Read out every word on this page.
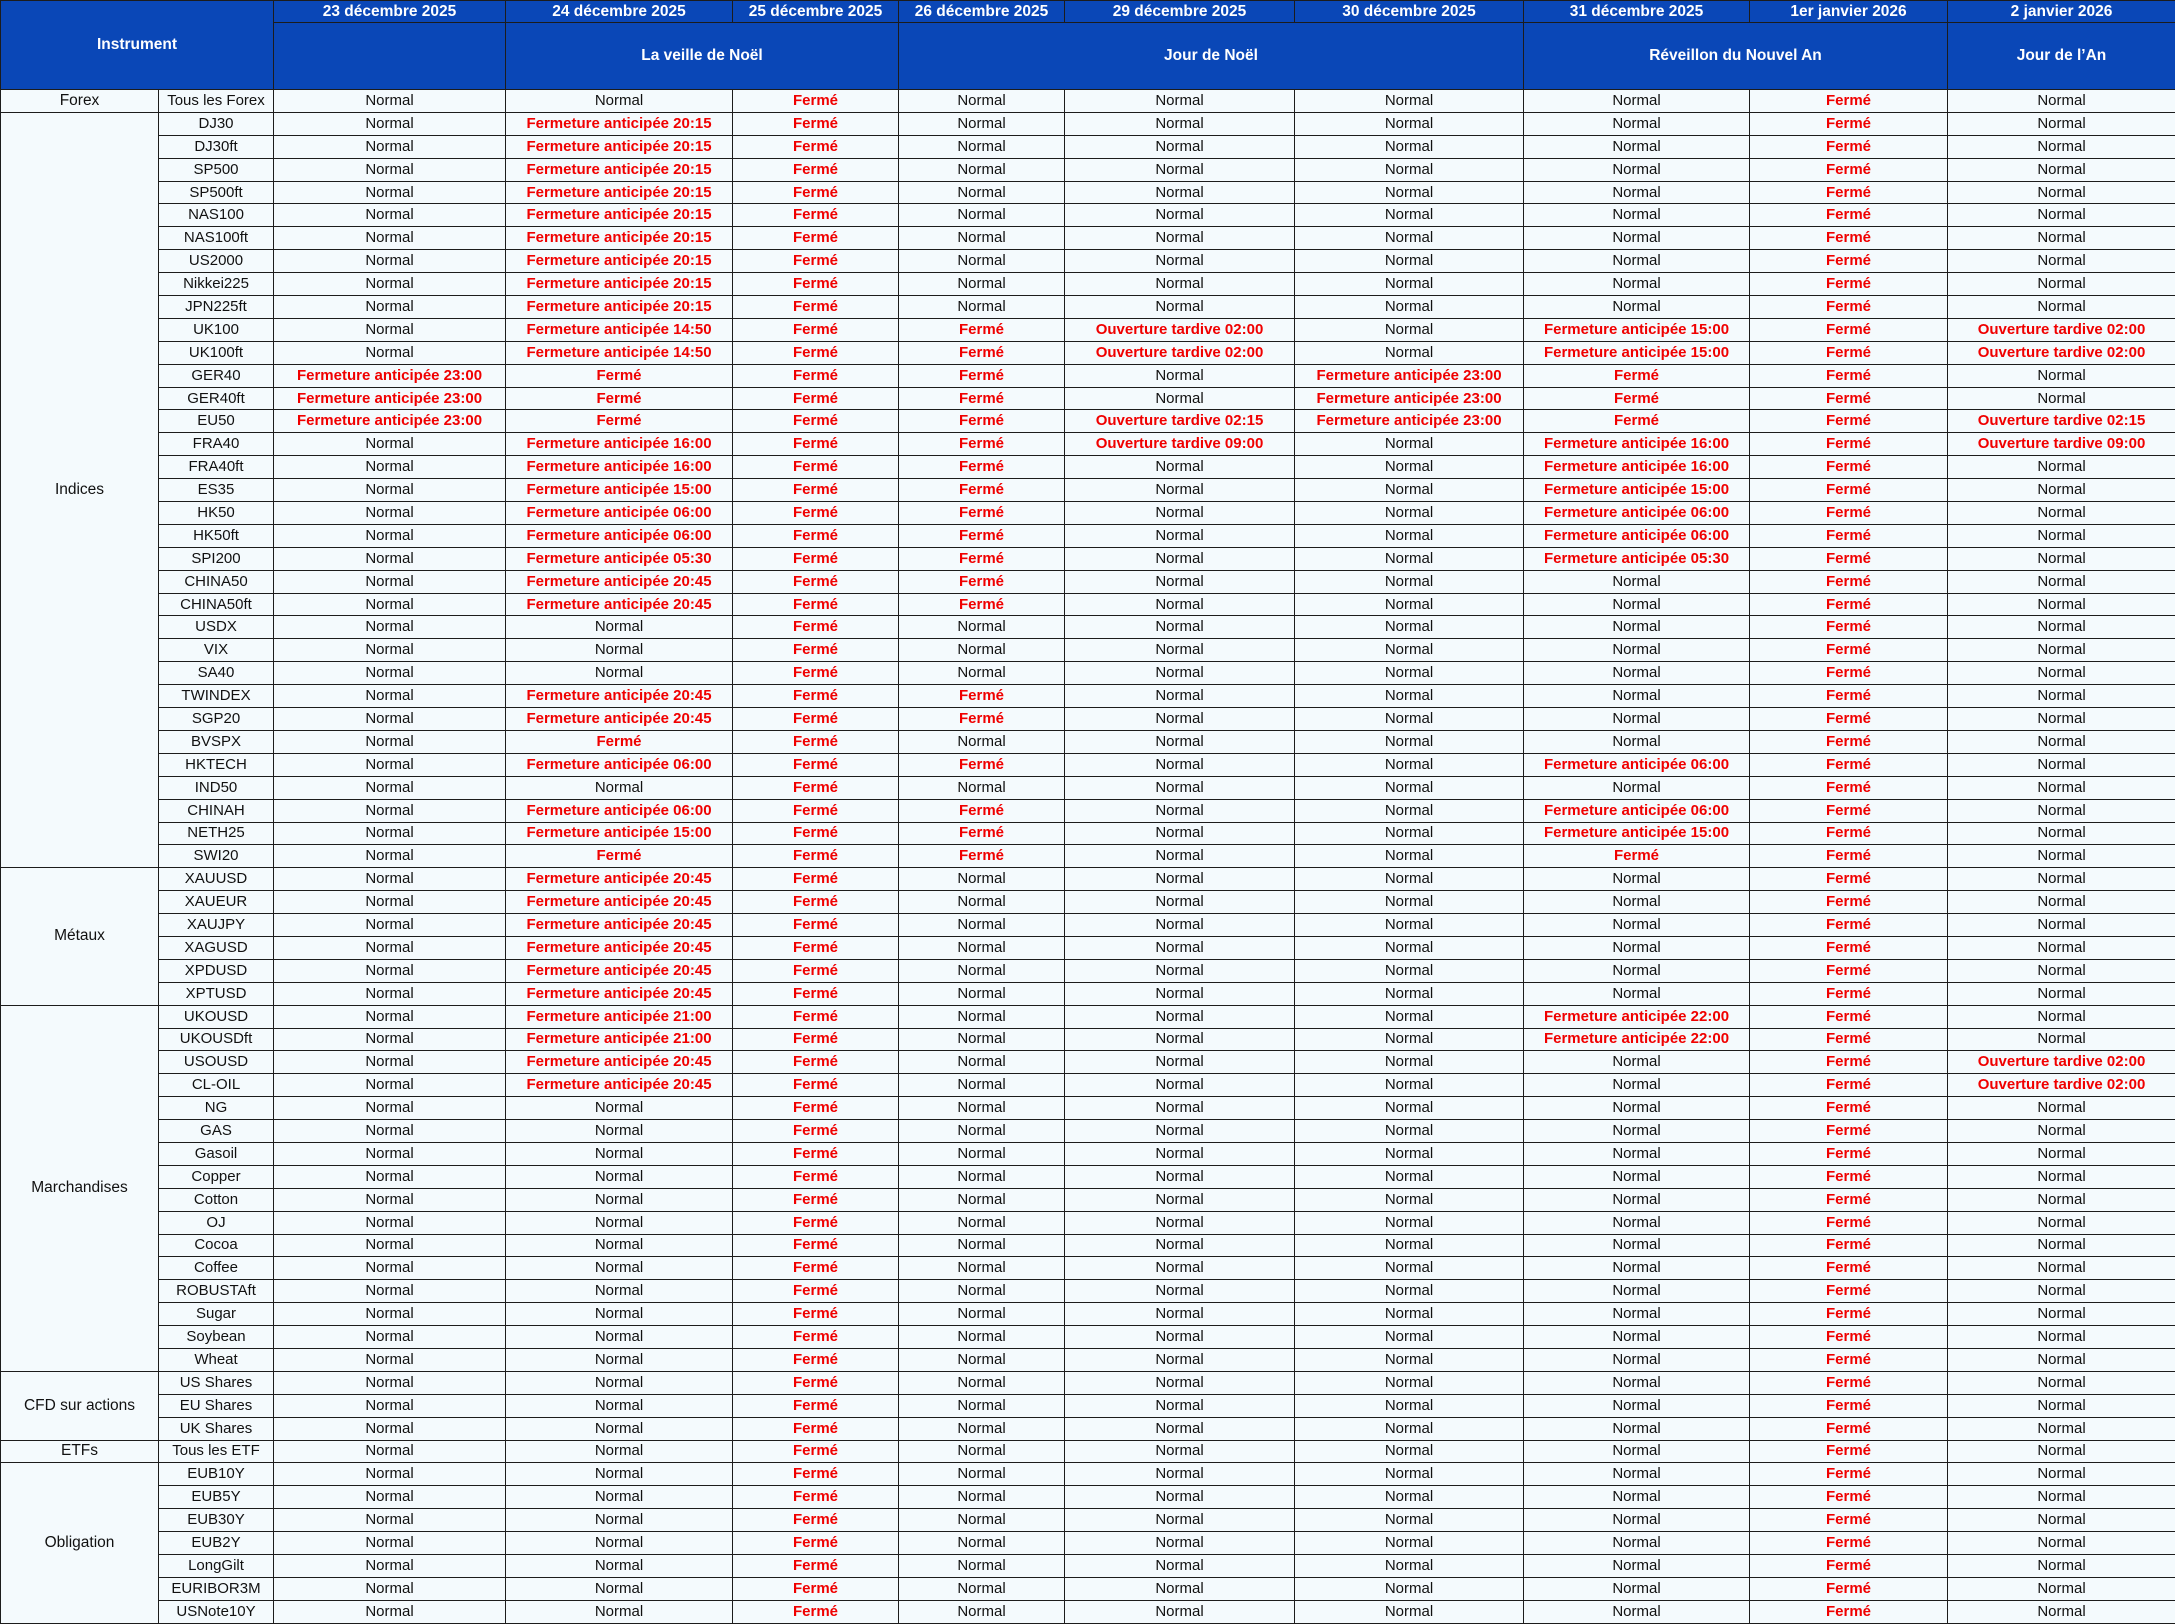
Instrument		23 décembre 2025	24 décembre 2025	25 décembre 2025	26 décembre 2025	29 décembre 2025	30 décembre 2025	31 décembre 2025	1er janvier 2026	2 janvier 2026
			La veille de Noël		Jour de Noël			Réveillon du Nouvel An		Jour de l’An
Forex	Tous les Forex	Normal	Normal	Fermé	Normal	Normal	Normal	Normal	Fermé	Normal
Indices	DJ30	Normal	Fermeture anticipée 20:15	Fermé	Normal	Normal	Normal	Normal	Fermé	Normal
	DJ30ft	Normal	Fermeture anticipée 20:15	Fermé	Normal	Normal	Normal	Normal	Fermé	Normal
	SP500	Normal	Fermeture anticipée 20:15	Fermé	Normal	Normal	Normal	Normal	Fermé	Normal
	SP500ft	Normal	Fermeture anticipée 20:15	Fermé	Normal	Normal	Normal	Normal	Fermé	Normal
	NAS100	Normal	Fermeture anticipée 20:15	Fermé	Normal	Normal	Normal	Normal	Fermé	Normal
	NAS100ft	Normal	Fermeture anticipée 20:15	Fermé	Normal	Normal	Normal	Normal	Fermé	Normal
	US2000	Normal	Fermeture anticipée 20:15	Fermé	Normal	Normal	Normal	Normal	Fermé	Normal
	Nikkei225	Normal	Fermeture anticipée 20:15	Fermé	Normal	Normal	Normal	Normal	Fermé	Normal
	JPN225ft	Normal	Fermeture anticipée 20:15	Fermé	Normal	Normal	Normal	Normal	Fermé	Normal
	UK100	Normal	Fermeture anticipée 14:50	Fermé	Fermé	Ouverture tardive 02:00	Normal	Fermeture anticipée 15:00	Fermé	Ouverture tardive 02:00
	UK100ft	Normal	Fermeture anticipée 14:50	Fermé	Fermé	Ouverture tardive 02:00	Normal	Fermeture anticipée 15:00	Fermé	Ouverture tardive 02:00
	GER40	Fermeture anticipée 23:00	Fermé	Fermé	Fermé	Normal	Fermeture anticipée 23:00	Fermé	Fermé	Normal
	GER40ft	Fermeture anticipée 23:00	Fermé	Fermé	Fermé	Normal	Fermeture anticipée 23:00	Fermé	Fermé	Normal
	EU50	Fermeture anticipée 23:00	Fermé	Fermé	Fermé	Ouverture tardive 02:15	Fermeture anticipée 23:00	Fermé	Fermé	Ouverture tardive 02:15
	FRA40	Normal	Fermeture anticipée 16:00	Fermé	Fermé	Ouverture tardive 09:00	Normal	Fermeture anticipée 16:00	Fermé	Ouverture tardive 09:00
	FRA40ft	Normal	Fermeture anticipée 16:00	Fermé	Fermé	Normal	Normal	Fermeture anticipée 16:00	Fermé	Normal
	ES35	Normal	Fermeture anticipée 15:00	Fermé	Fermé	Normal	Normal	Fermeture anticipée 15:00	Fermé	Normal
	HK50	Normal	Fermeture anticipée 06:00	Fermé	Fermé	Normal	Normal	Fermeture anticipée 06:00	Fermé	Normal
	HK50ft	Normal	Fermeture anticipée 06:00	Fermé	Fermé	Normal	Normal	Fermeture anticipée 06:00	Fermé	Normal
	SPI200	Normal	Fermeture anticipée 05:30	Fermé	Fermé	Normal	Normal	Fermeture anticipée 05:30	Fermé	Normal
	CHINA50	Normal	Fermeture anticipée 20:45	Fermé	Fermé	Normal	Normal	Normal	Fermé	Normal
	CHINA50ft	Normal	Fermeture anticipée 20:45	Fermé	Fermé	Normal	Normal	Normal	Fermé	Normal
	USDX	Normal	Normal	Fermé	Normal	Normal	Normal	Normal	Fermé	Normal
	VIX	Normal	Normal	Fermé	Normal	Normal	Normal	Normal	Fermé	Normal
	SA40	Normal	Normal	Fermé	Normal	Normal	Normal	Normal	Fermé	Normal
	TWINDEX	Normal	Fermeture anticipée 20:45	Fermé	Fermé	Normal	Normal	Normal	Fermé	Normal
	SGP20	Normal	Fermeture anticipée 20:45	Fermé	Fermé	Normal	Normal	Normal	Fermé	Normal
	BVSPX	Normal	Fermé	Fermé	Normal	Normal	Normal	Normal	Fermé	Normal
	HKTECH	Normal	Fermeture anticipée 06:00	Fermé	Fermé	Normal	Normal	Fermeture anticipée 06:00	Fermé	Normal
	IND50	Normal	Normal	Fermé	Normal	Normal	Normal	Normal	Fermé	Normal
	CHINAH	Normal	Fermeture anticipée 06:00	Fermé	Fermé	Normal	Normal	Fermeture anticipée 06:00	Fermé	Normal
	NETH25	Normal	Fermeture anticipée 15:00	Fermé	Fermé	Normal	Normal	Fermeture anticipée 15:00	Fermé	Normal
	SWI20	Normal	Fermé	Fermé	Fermé	Normal	Normal	Fermé	Fermé	Normal
Métaux	XAUUSD	Normal	Fermeture anticipée 20:45	Fermé	Normal	Normal	Normal	Normal	Fermé	Normal
	XAUEUR	Normal	Fermeture anticipée 20:45	Fermé	Normal	Normal	Normal	Normal	Fermé	Normal
	XAUJPY	Normal	Fermeture anticipée 20:45	Fermé	Normal	Normal	Normal	Normal	Fermé	Normal
	XAGUSD	Normal	Fermeture anticipée 20:45	Fermé	Normal	Normal	Normal	Normal	Fermé	Normal
	XPDUSD	Normal	Fermeture anticipée 20:45	Fermé	Normal	Normal	Normal	Normal	Fermé	Normal
	XPTUSD	Normal	Fermeture anticipée 20:45	Fermé	Normal	Normal	Normal	Normal	Fermé	Normal
Marchandises	UKOUSD	Normal	Fermeture anticipée 21:00	Fermé	Normal	Normal	Normal	Fermeture anticipée 22:00	Fermé	Normal
	UKOUSDft	Normal	Fermeture anticipée 21:00	Fermé	Normal	Normal	Normal	Fermeture anticipée 22:00	Fermé	Normal
	USOUSD	Normal	Fermeture anticipée 20:45	Fermé	Normal	Normal	Normal	Normal	Fermé	Ouverture tardive 02:00
	CL-OIL	Normal	Fermeture anticipée 20:45	Fermé	Normal	Normal	Normal	Normal	Fermé	Ouverture tardive 02:00
	NG	Normal	Normal	Fermé	Normal	Normal	Normal	Normal	Fermé	Normal
	GAS	Normal	Normal	Fermé	Normal	Normal	Normal	Normal	Fermé	Normal
	Gasoil	Normal	Normal	Fermé	Normal	Normal	Normal	Normal	Fermé	Normal
	Copper	Normal	Normal	Fermé	Normal	Normal	Normal	Normal	Fermé	Normal
	Cotton	Normal	Normal	Fermé	Normal	Normal	Normal	Normal	Fermé	Normal
	OJ	Normal	Normal	Fermé	Normal	Normal	Normal	Normal	Fermé	Normal
	Cocoa	Normal	Normal	Fermé	Normal	Normal	Normal	Normal	Fermé	Normal
	Coffee	Normal	Normal	Fermé	Normal	Normal	Normal	Normal	Fermé	Normal
	ROBUSTAft	Normal	Normal	Fermé	Normal	Normal	Normal	Normal	Fermé	Normal
	Sugar	Normal	Normal	Fermé	Normal	Normal	Normal	Normal	Fermé	Normal
	Soybean	Normal	Normal	Fermé	Normal	Normal	Normal	Normal	Fermé	Normal
	Wheat	Normal	Normal	Fermé	Normal	Normal	Normal	Normal	Fermé	Normal
CFD sur actions	US Shares	Normal	Normal	Fermé	Normal	Normal	Normal	Normal	Fermé	Normal
	EU Shares	Normal	Normal	Fermé	Normal	Normal	Normal	Normal	Fermé	Normal
	UK Shares	Normal	Normal	Fermé	Normal	Normal	Normal	Normal	Fermé	Normal
ETFs	Tous les ETF	Normal	Normal	Fermé	Normal	Normal	Normal	Normal	Fermé	Normal
Obligation	EUB10Y	Normal	Normal	Fermé	Normal	Normal	Normal	Normal	Fermé	Normal
	EUB5Y	Normal	Normal	Fermé	Normal	Normal	Normal	Normal	Fermé	Normal
	EUB30Y	Normal	Normal	Fermé	Normal	Normal	Normal	Normal	Fermé	Normal
	EUB2Y	Normal	Normal	Fermé	Normal	Normal	Normal	Normal	Fermé	Normal
	LongGilt	Normal	Normal	Fermé	Normal	Normal	Normal	Normal	Fermé	Normal
	EURIBOR3M	Normal	Normal	Fermé	Normal	Normal	Normal	Normal	Fermé	Normal
	USNote10Y	Normal	Normal	Fermé	Normal	Normal	Normal	Normal	Fermé	Normal
